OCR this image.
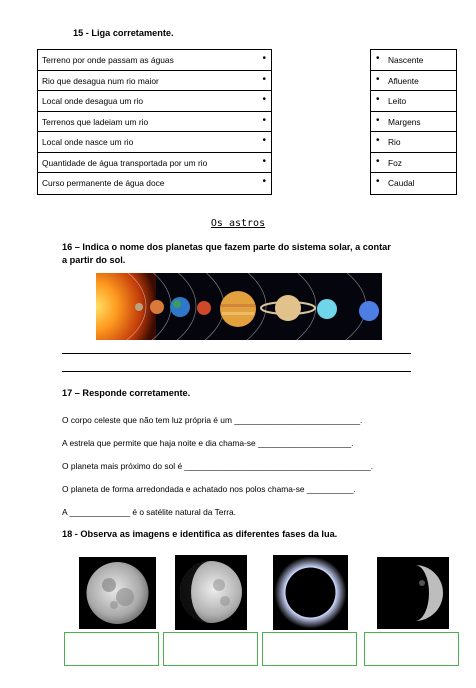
15 - Liga corretamente.
Terreno por onde passam as águas	•
Rio que desagua num rio maior	•
Local onde desagua um rio	•
Terrenos que ladeiam um rio	•
Local onde nasce um rio	•
Quantidade de água transportada por um rio	•
Curso permanente de água doce	•
• Nascente
• Afluente
• Leito
• Margens
• Rio
• Foz
• Caudal
Os astros
16 – Indica o nome dos planetas que fazem parte do sistema solar, a contar
a partir do sol.
17 – Responde corretamente.
O corpo celeste que não tem luz própria é um ___________________________.
A estrela que permite que haja noite e dia chama-se ____________________.
O planeta mais próximo do sol é ________________________________________.
O planeta de forma arredondada e achatado nos polos chama-se __________.
A _____________ é o satélite natural da Terra.
18 - Observa as imagens e identifica as diferentes fases da lua.
